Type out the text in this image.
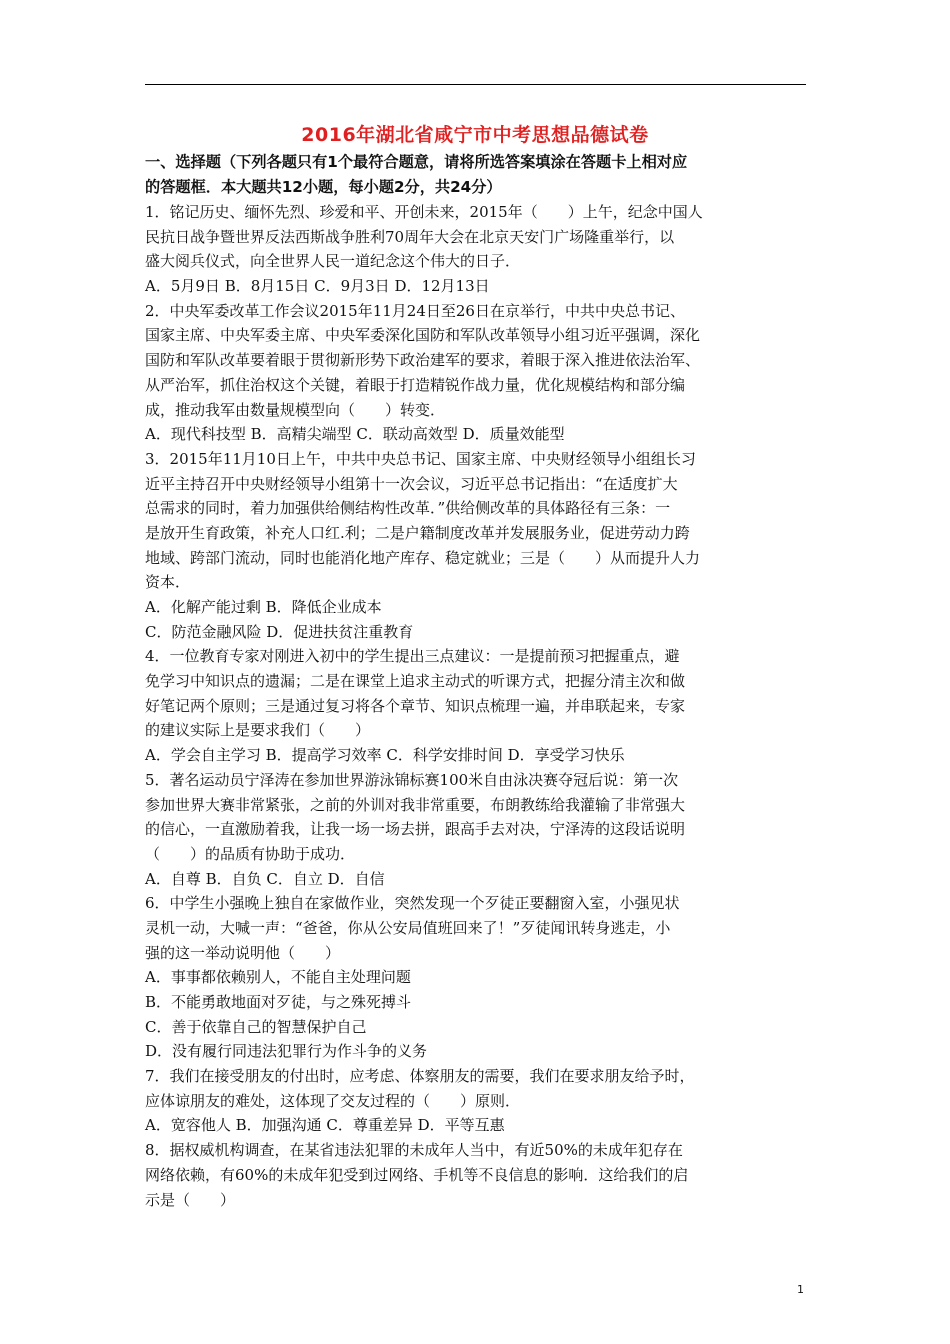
2016年湖北省咸宁市中考思想品德试卷
一、选择题（下列各题只有1个最符合题意，请将所选答案填涂在答题卡上相对应
的答题框．本大题共12小题，每小题2分，共24分）
1．铭记历史、缅怀先烈、珍爱和平、开创未来，2015年（　　）上午，纪念中国人
民抗日战争暨世界反法西斯战争胜利70周年大会在北京天安门广场隆重举行，以
盛大阅兵仪式，向全世界人民一道纪念这个伟大的日子．
A．5月9日 B．8月15日 C．9月3日 D．12月13日
2．中央军委改革工作会议2015年11月24日至26日在京举行，中共中央总书记、
国家主席、中央军委主席、中央军委深化国防和军队改革领导小组习近平强调，深化
国防和军队改革要着眼于贯彻新形势下政治建军的要求，着眼于深入推进依法治军、
从严治军，抓住治权这个关键，着眼于打造精锐作战力量，优化规模结构和部分编
成，推动我军由数量规模型向（　　）转变．
A．现代科技型 B．高精尖端型 C．联动高效型 D．质量效能型
3．2015年11月10日上午，中共中央总书记、国家主席、中央财经领导小组组长习
近平主持召开中央财经领导小组第十一次会议，习近平总书记指出：“在适度扩大
总需求的同时，着力加强供给侧结构性改革．”供给侧改革的具体路径有三条：一
是放开生育政策，补充人口红.利；二是户籍制度改革并发展服务业，促进劳动力跨
地域、跨部门流动，同时也能消化地产库存、稳定就业；三是（　　）从而提升人力
资本．
A．化解产能过剩 B．降低企业成本
C．防范金融风险 D．促进扶贫注重教育
4．一位教育专家对刚进入初中的学生提出三点建议：一是提前预习把握重点，避
免学习中知识点的遗漏；二是在课堂上追求主动式的听课方式，把握分清主次和做
好笔记两个原则；三是通过复习将各个章节、知识点梳理一遍，并串联起来，专家
的建议实际上是要求我们（　　）
A．学会自主学习 B．提高学习效率 C．科学安排时间 D．享受学习快乐
5．著名运动员宁泽涛在参加世界游泳锦标赛100米自由泳决赛夺冠后说：第一次
参加世界大赛非常紧张，之前的外训对我非常重要，布朗教练给我灌输了非常强大
的信心，一直激励着我，让我一场一场去拼，跟高手去对决，宁泽涛的这段话说明
（　　）的品质有协助于成功．
A．自尊 B．自负 C．自立 D．自信
6．中学生小强晚上独自在家做作业，突然发现一个歹徒正要翻窗入室，小强见状
灵机一动，大喊一声：“爸爸，你从公安局值班回来了！”歹徒闻讯转身逃走，小
强的这一举动说明他（　　）
A．事事都依赖别人，不能自主处理问题
B．不能勇敢地面对歹徒，与之殊死搏斗
C．善于依靠自己的智慧保护自己
D．没有履行同违法犯罪行为作斗争的义务
7．我们在接受朋友的付出时，应考虑、体察朋友的需要，我们在要求朋友给予时，
应体谅朋友的难处，这体现了交友过程的（　　）原则．
A．宽容他人 B．加强沟通 C．尊重差异 D．平等互惠
8．据权威机构调查，在某省违法犯罪的未成年人当中，有近50%的未成年犯存在
网络依赖，有60%的未成年犯受到过网络、手机等不良信息的影响．这给我们的启
示是（　　）
1
